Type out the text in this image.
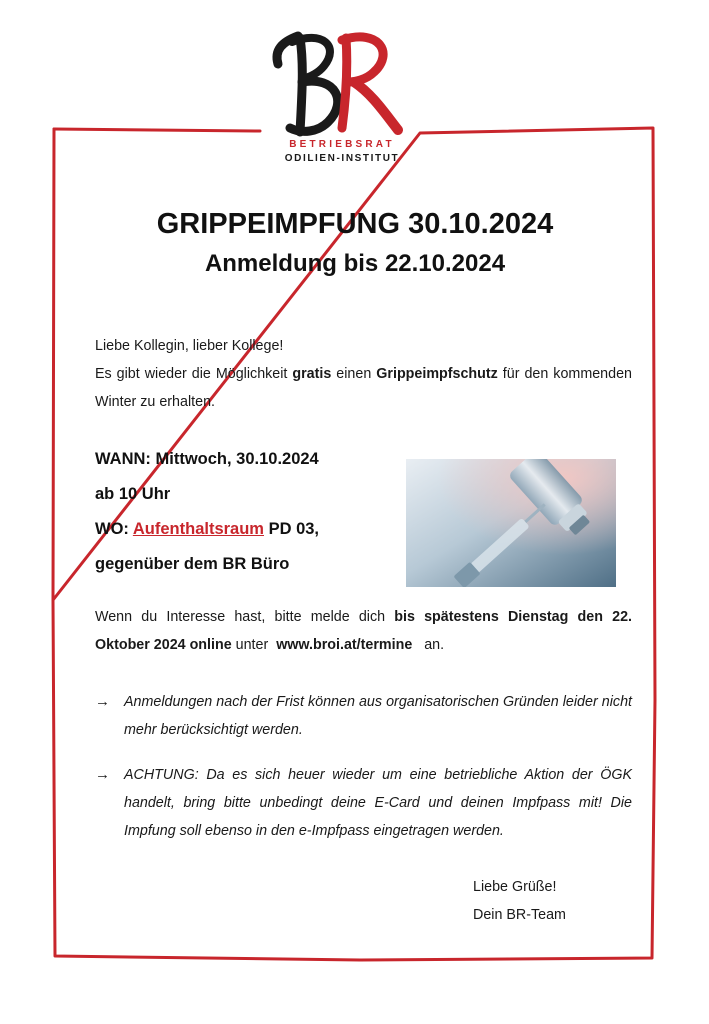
BETRIEBSRAT
ODILIEN-INSTITUT
GRIPPEIMPFUNG 30.10.2024
Anmeldung bis 22.10.2024

Liebe Kollegin, lieber Kollege!

Es gibt wieder die Möglichkeit gratis einen Grippeimpfschutz für den kommenden Winter zu erhalten.

WANN: Mittwoch, 30.10.2024
ab 10 Uhr
WO: Aufenthaltsraum PD 03,
gegenüber dem BR Büro

Wenn du Interesse hast, bitte melde dich bis spätestens Dienstag den 22. Oktober 2024 online unter  www.broi.at/termine   an.

→ Anmeldungen nach der Frist können aus organisatorischen Gründen leider nicht mehr berücksichtigt werden.
→ ACHTUNG: Da es sich heuer wieder um eine betriebliche Aktion der ÖGK handelt, bring bitte unbedingt deine E-Card und deinen Impfpass mit! Die Impfung soll ebenso in den e-Impfpass eingetragen werden.
Liebe Grüße!
Dein BR-Team
